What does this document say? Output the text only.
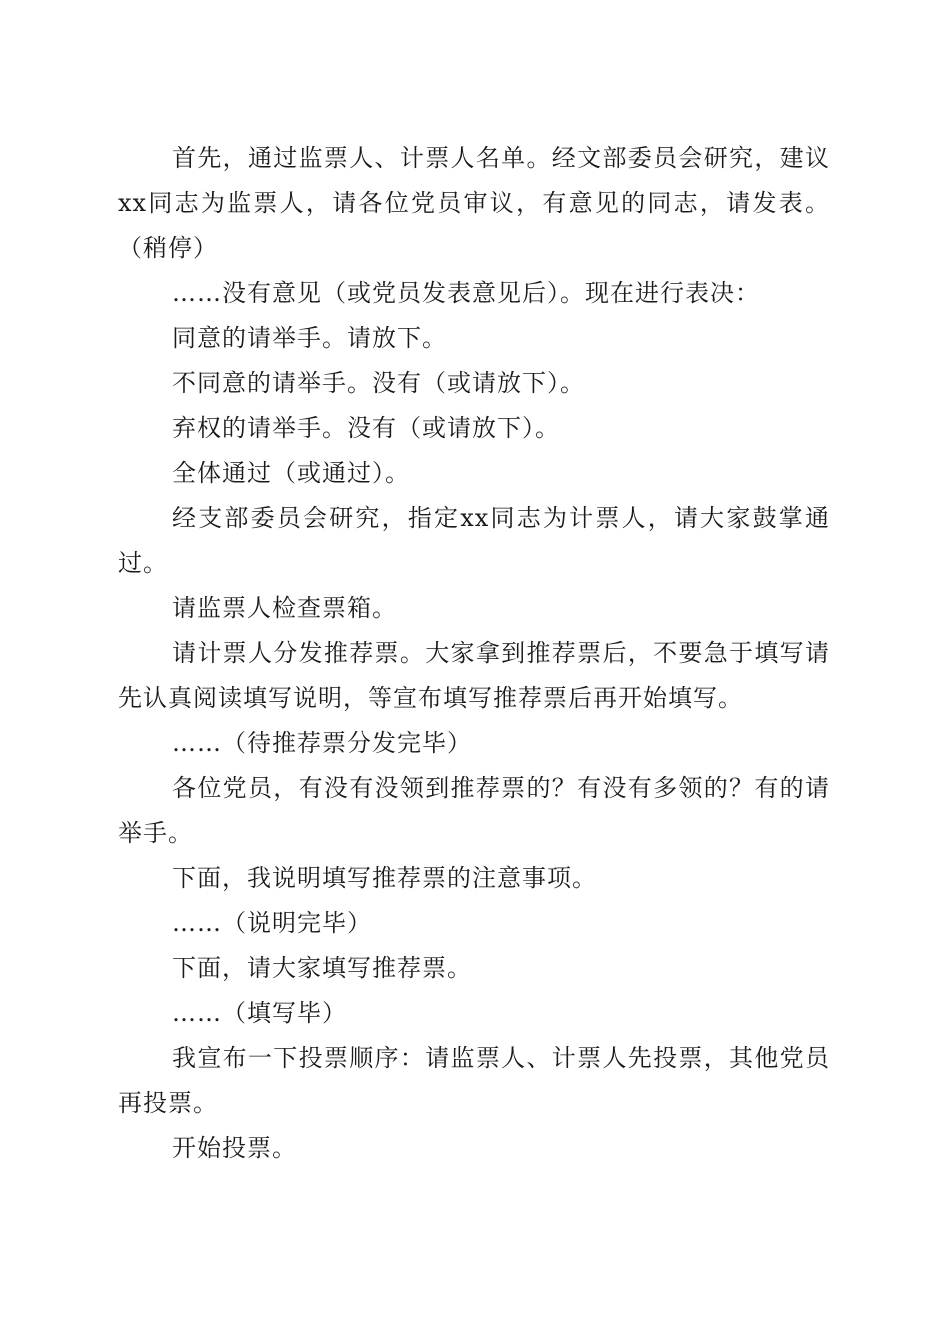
首先，通过监票人、计票人名单。经文部委员会研究，建议xx同志为监票人，请各位党员审议，有意见的同志，请发表。（稍停）

……没有意见（或党员发表意见后）。现在进行表决：

同意的请举手。请放下。

不同意的请举手。没有（或请放下）。

弃权的请举手。没有（或请放下）。

全体通过（或通过）。

经支部委员会研究，指定xx同志为计票人，请大家鼓掌通过。

请监票人检查票箱。

请计票人分发推荐票。大家拿到推荐票后，不要急于填写请先认真阅读填写说明，等宣布填写推荐票后再开始填写。

……（待推荐票分发完毕）

各位党员，有没有没领到推荐票的？有没有多领的？有的请举手。

下面，我说明填写推荐票的注意事项。

……（说明完毕）

下面，请大家填写推荐票。

……（填写毕）

我宣布一下投票顺序：请监票人、计票人先投票，其他党员再投票。

开始投票。
